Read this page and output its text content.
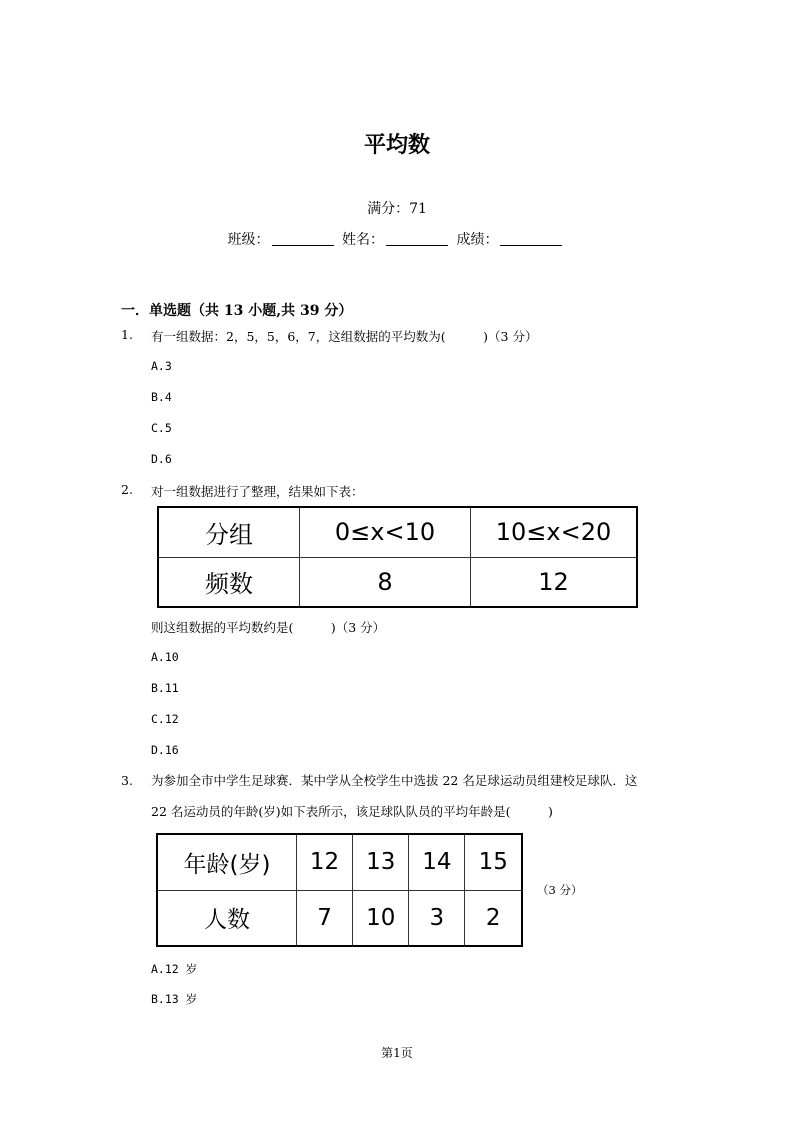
平均数
满分：71
班级：	姓名：	成绩：
一．单选题（共 13 小题,共 39 分）
1. 有一组数据：2，5，5，6，7，这组数据的平均数为(　　　)（3 分）
A.3
B.4
C.5
D.6
2. 对一组数据进行了整理，结果如下表：
分组	0≤x<10	10≤x<20
频数	8	12
则这组数据的平均数约是(　　　)（3 分）
A.10
B.11
C.12
D.16
3. 为参加全市中学生足球赛．某中学从全校学生中选拔 22 名足球运动员组建校足球队．这 22 名运动员的年龄(岁)如下表所示，该足球队队员的平均年龄是(　　　)
年龄(岁)	12	13	14	15
人数	7	10	3	2
（3 分）
A.12 岁
B.13 岁
第1页
